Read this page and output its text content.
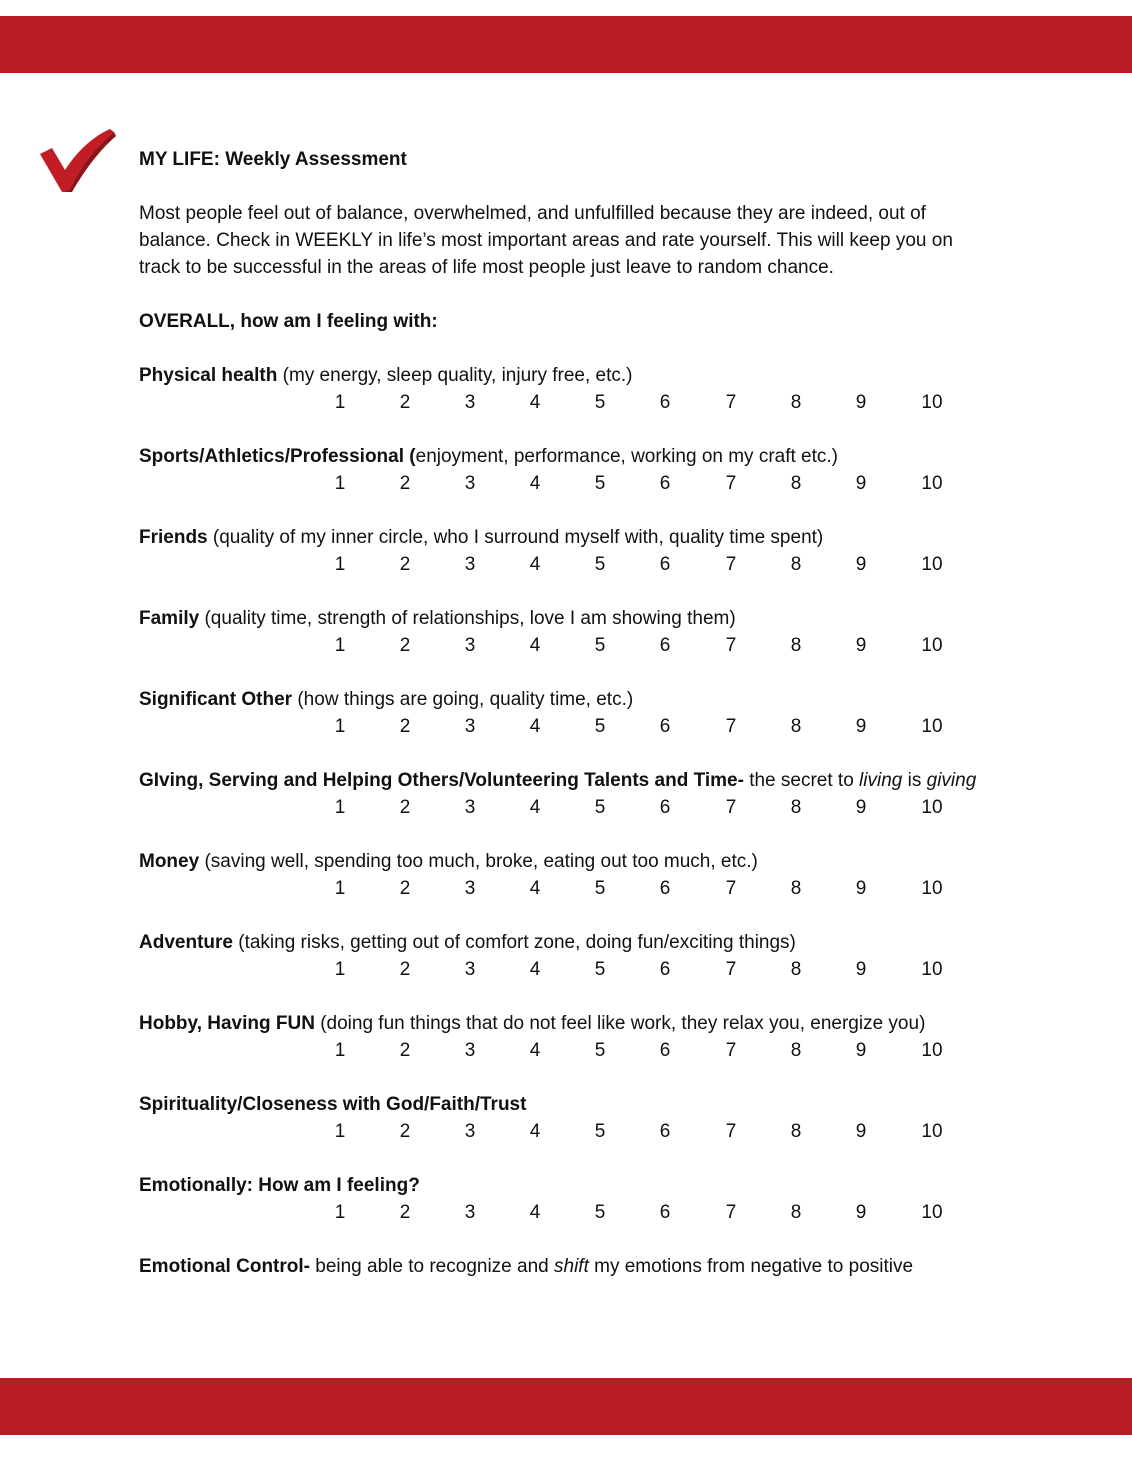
MY LIFE: Weekly Assessment

Most people feel out of balance, overwhelmed, and unfulfilled because they are indeed, out of balance. Check in WEEKLY in life’s most important areas and rate yourself. This will keep you on track to be successful in the areas of life most people just leave to random chance.

OVERALL, how am I feeling with:

Physical health (my energy, sleep quality, injury free, etc.)

1	2	3	4	5	6	7	8	9	10

Sports/Athletics/Professional (enjoyment, performance, working on my craft etc.)

1	2	3	4	5	6	7	8	9	10

Friends (quality of my inner circle, who I surround myself with, quality time spent)

1	2	3	4	5	6	7	8	9	10

Family (quality time, strength of relationships, love I am showing them)

1	2	3	4	5	6	7	8	9	10

Significant Other (how things are going, quality time, etc.)

1	2	3	4	5	6	7	8	9	10

GIving, Serving and Helping Others/Volunteering Talents and Time- the secret to living is giving

1	2	3	4	5	6	7	8	9	10

Money (saving well, spending too much, broke, eating out too much, etc.)

1	2	3	4	5	6	7	8	9	10

Adventure (taking risks, getting out of comfort zone, doing fun/exciting things)

1	2	3	4	5	6	7	8	9	10

Hobby, Having FUN (doing fun things that do not feel like work, they relax you, energize you)

1	2	3	4	5	6	7	8	9	10

Spirituality/Closeness with God/Faith/Trust

1	2	3	4	5	6	7	8	9	10

Emotionally: How am I feeling?

1	2	3	4	5	6	7	8	9	10

Emotional Control- being able to recognize and shift my emotions from negative to positive
